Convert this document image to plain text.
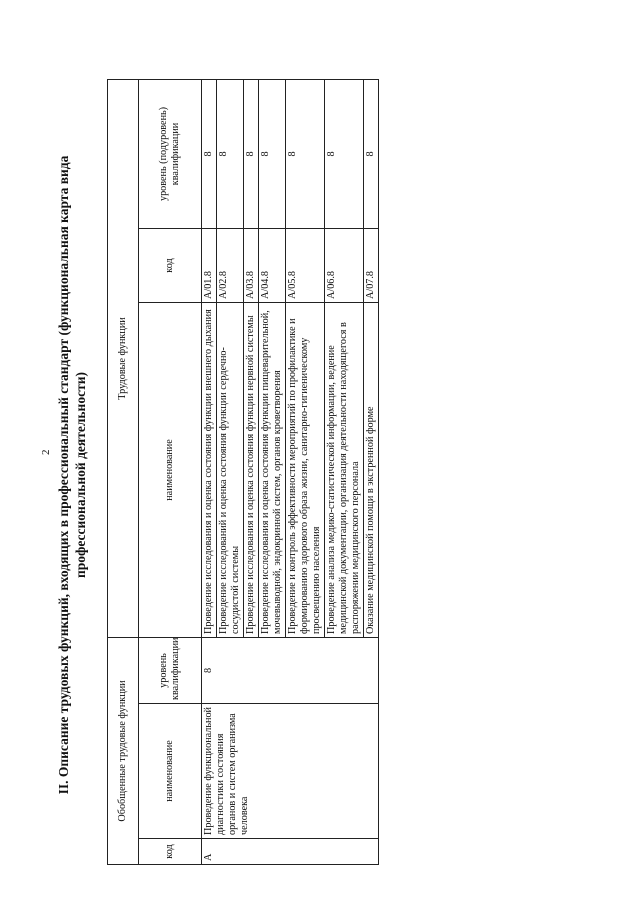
2 II. Описание трудовых функций, входящих в профессиональный стандарт (функциональная карта вида профессиональной деятельности)
Обобщенные трудовые функции			Трудовые функции		
код	наименование	уровень квалификации	наименование	код	уровень (подуровень) квалификации
A	Проведение функциональной диагностики состояния органов и систем организма человека	8	Проведение исследования и оценка состояния функции внешнего дыхания	A/01.8	8
			Проведение исследований и оценка состояния функции сердечно-сосудистой системы	A/02.8	8
			Проведение исследования и оценка состояния функции нервной системы	A/03.8	8
			Проведение исследования и оценка состояния функции пищеварительной, мочевыводной, эндокринной систем, органов кроветворения	A/04.8	8
			Проведение и контроль эффективности мероприятий по профилактике и формированию здорового образа жизни, санитарно-гигиеническому просвещению населения	A/05.8	8
			Проведение анализа медико-статистической информации, ведение медицинской документации, организация деятельности находящегося в распоряжении медицинского персонала	A/06.8	8
			Оказание медицинской помощи в экстренной форме	A/07.8	8
